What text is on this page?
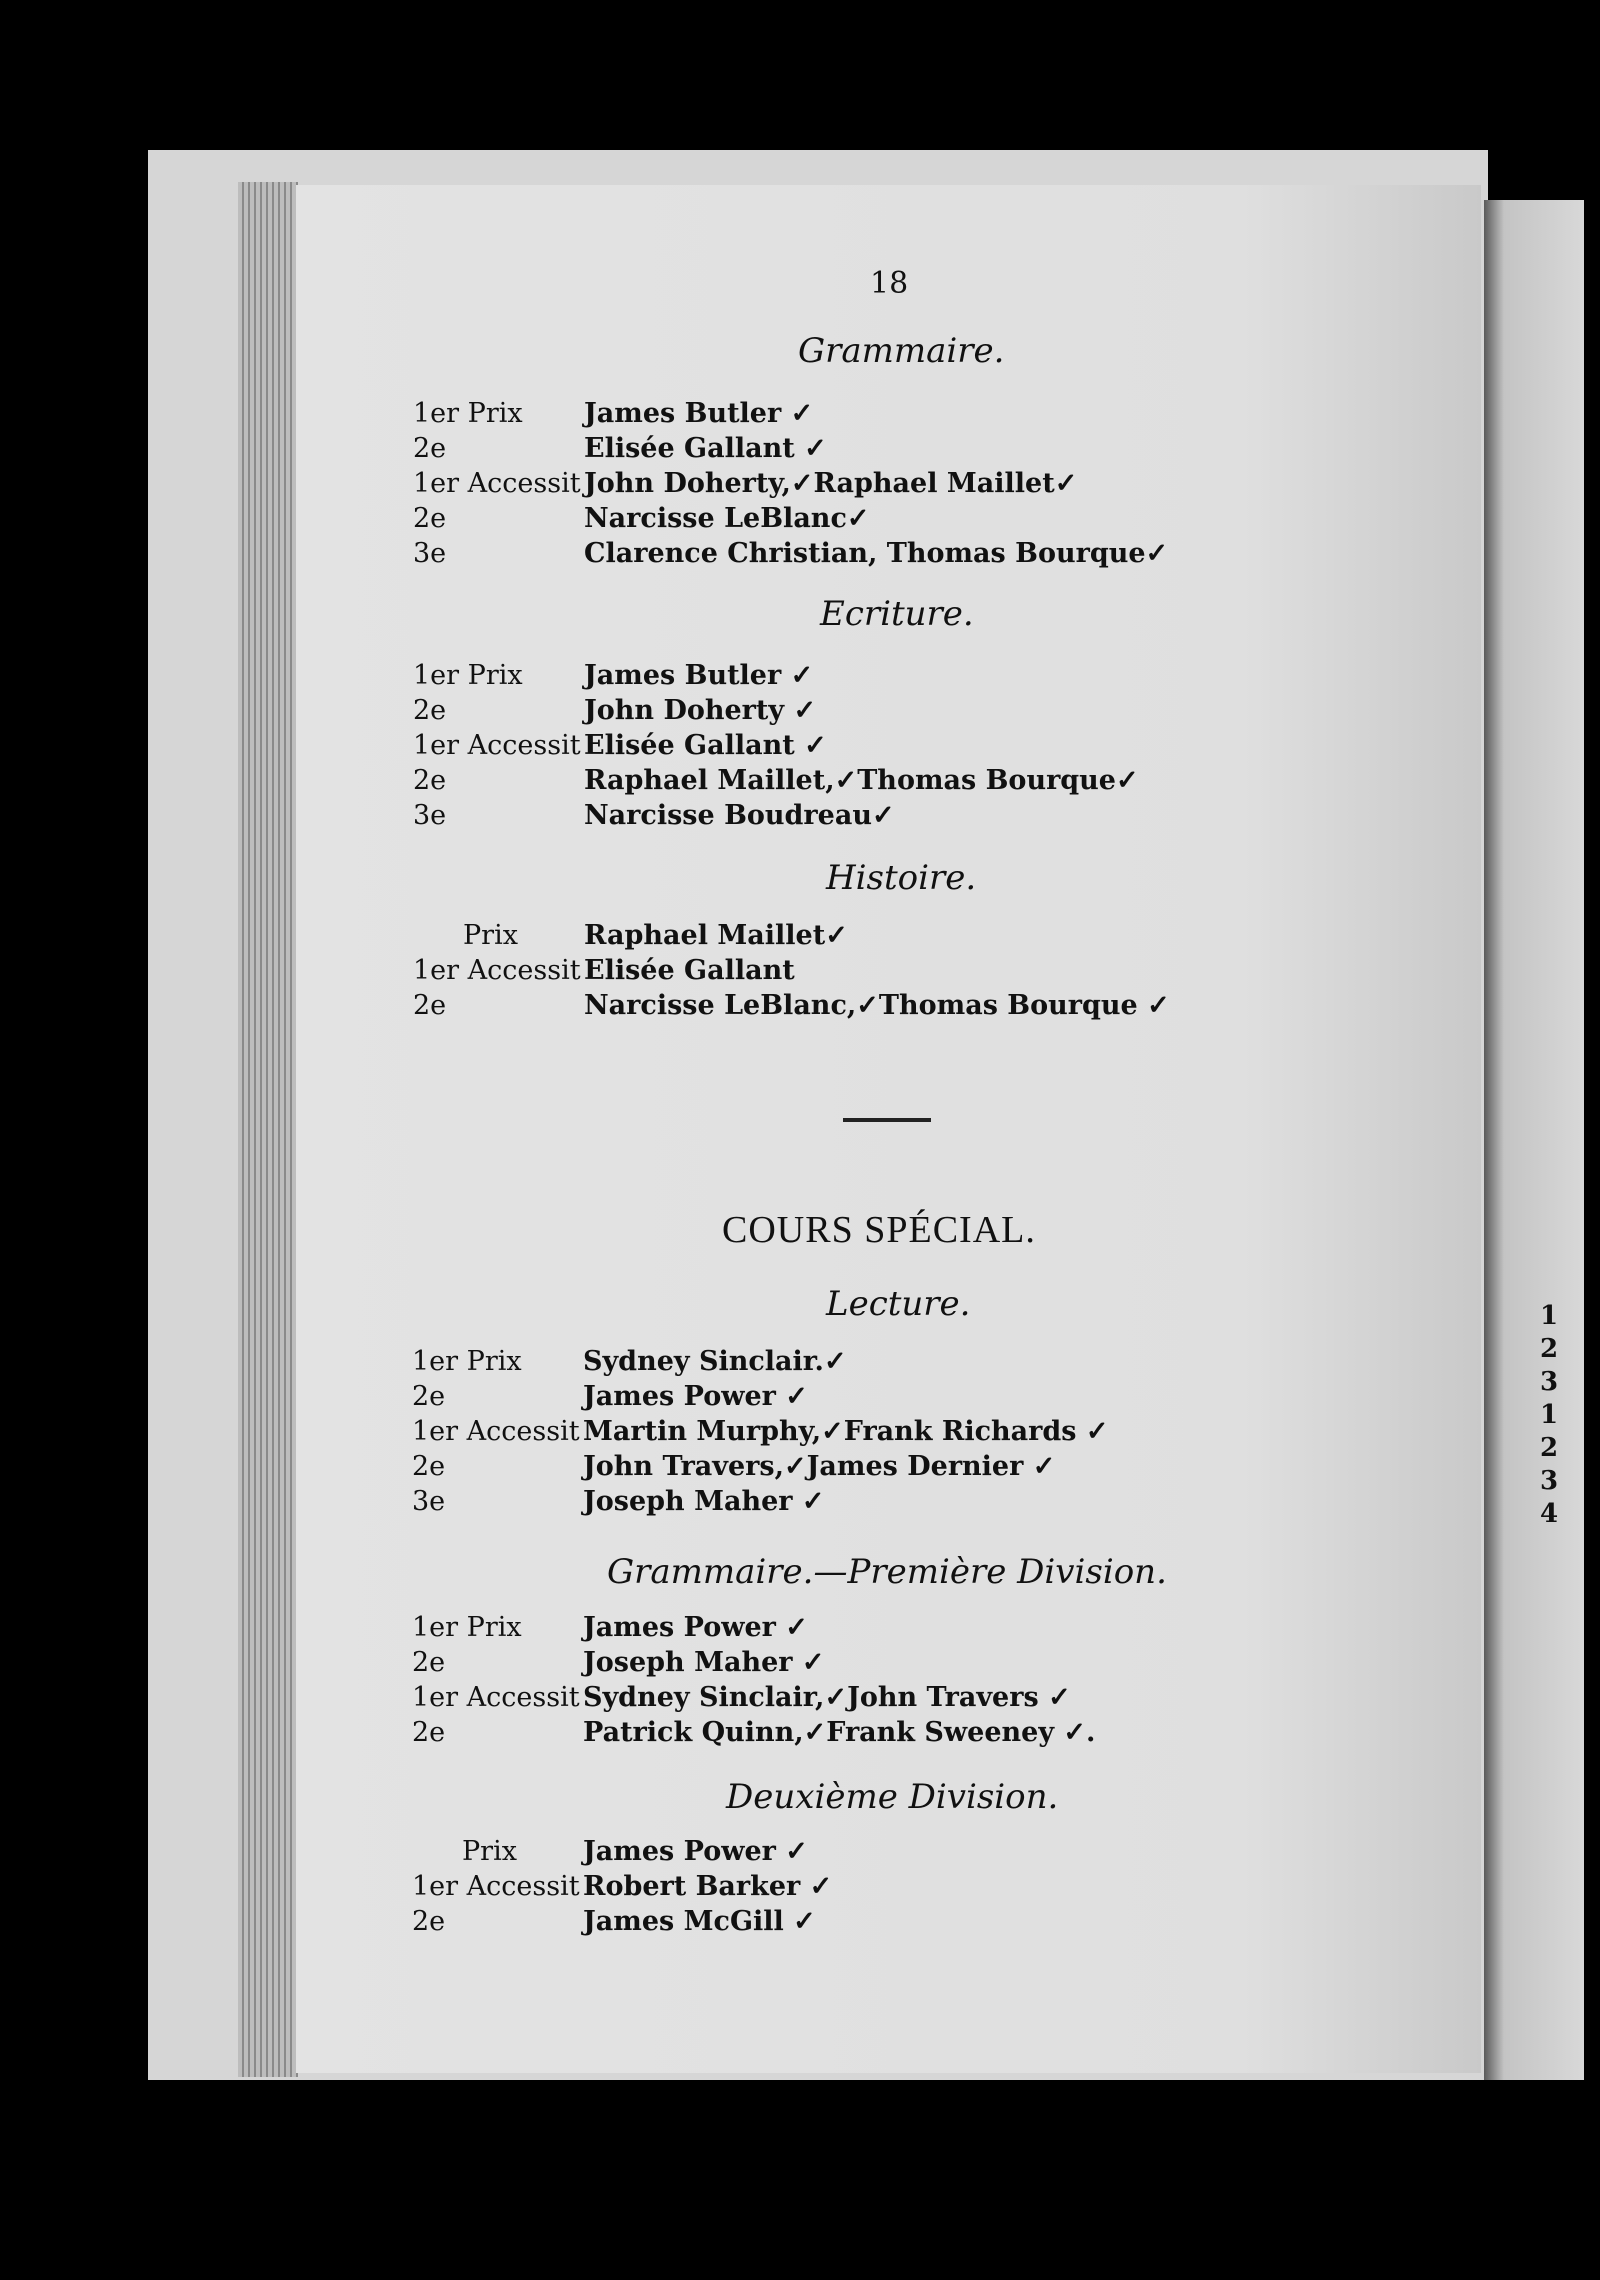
1
2
3
1
2
3
4
18
Grammaire.
1er Prix	James Butler ✓
2e	Elisée Gallant ✓
1er Accessit John Doherty,✓Raphael Maillet✓
2e	Narcisse LeBlanc✓
3e	Clarence Christian, Thomas Bourque✓
Ecriture.
1er Prix	James Butler ✓
2e	John Doherty ✓
1er Accessit Elisée Gallant ✓
2e	Raphael Maillet,✓Thomas Bourque✓
3e	Narcisse Boudreau✓
Histoire.
Prix	Raphael Maillet✓
1er Accessit Elisée Gallant
2e	Narcisse LeBlanc,✓Thomas Bourque ✓
COURS SPÉCIAL.
Lecture.
1er Prix	Sydney Sinclair.✓
2e	James Power ✓
1er Accessit Martin Murphy,✓Frank Richards ✓
2e	John Travers,✓James Dernier ✓
3e	Joseph Maher ✓
Grammaire.—Première Division.
1er Prix	James Power ✓
2e	Joseph Maher ✓
1er Accessit Sydney Sinclair,✓John Travers ✓
2e	Patrick Quinn,✓Frank Sweeney ✓.
Deuxième Division.
Prix	James Power ✓
1er Accessit Robert Barker ✓
2e	James McGill ✓
